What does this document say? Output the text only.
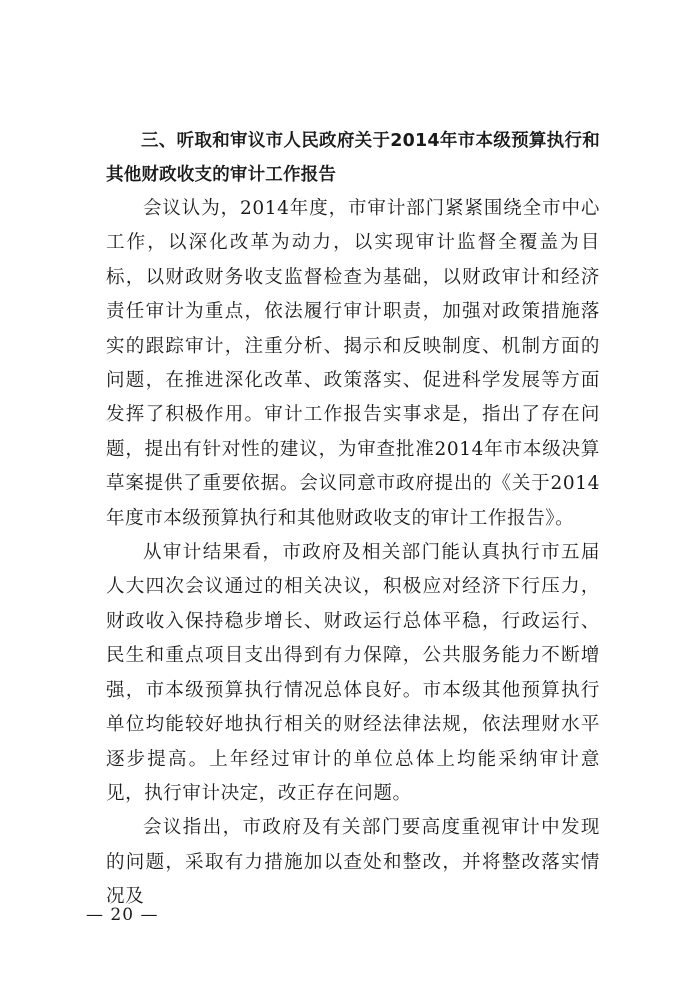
三、听取和审议市人民政府关于2014年市本级预算执行和其他财政收支的审计工作报告

会议认为，2014年度，市审计部门紧紧围绕全市中心工作，以深化改革为动力，以实现审计监督全覆盖为目标，以财政财务收支监督检查为基础，以财政审计和经济责任审计为重点，依法履行审计职责，加强对政策措施落实的跟踪审计，注重分析、揭示和反映制度、机制方面的问题，在推进深化改革、政策落实、促进科学发展等方面发挥了积极作用。审计工作报告实事求是，指出了存在问题，提出有针对性的建议，为审查批准2014年市本级决算草案提供了重要依据。会议同意市政府提出的《关于2014年度市本级预算执行和其他财政收支的审计工作报告》。

从审计结果看，市政府及相关部门能认真执行市五届人大四次会议通过的相关决议，积极应对经济下行压力，财政收入保持稳步增长、财政运行总体平稳，行政运行、民生和重点项目支出得到有力保障，公共服务能力不断增强，市本级预算执行情况总体良好。市本级其他预算执行单位均能较好地执行相关的财经法律法规，依法理财水平逐步提高。上年经过审计的单位总体上均能采纳审计意见，执行审计决定，改正存在问题。

会议指出，市政府及有关部门要高度重视审计中发现的问题，采取有力措施加以查处和整改，并将整改落实情况及

— 20 —
